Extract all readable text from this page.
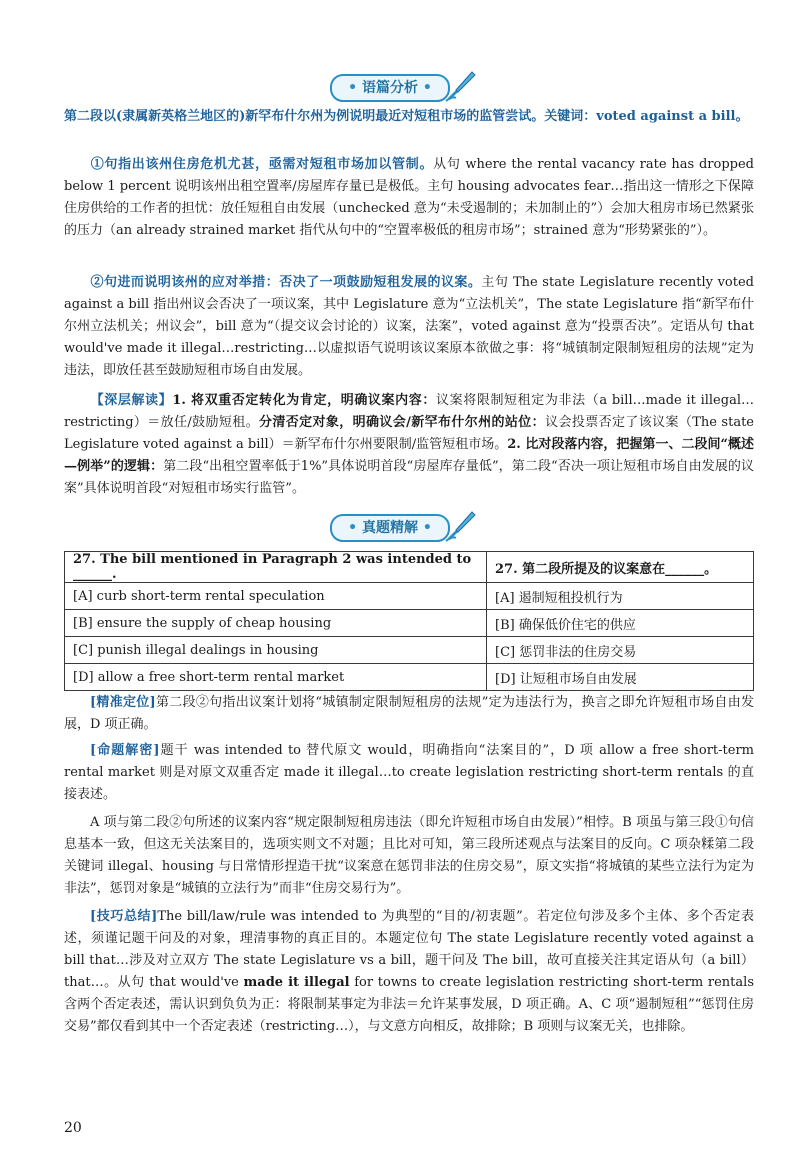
• 语篇分析 •

第二段以(隶属新英格兰地区的)新罕布什尔州为例说明最近对短租市场的监管尝试。关键词：voted against a bill。

①句指出该州住房危机尤甚，亟需对短租市场加以管制。从句 where the rental vacancy rate has dropped below 1 percent 说明该州出租空置率/房屋库存量已是极低。主句 housing advocates fear…指出这一情形之下保障住房供给的工作者的担忧：放任短租自由发展（unchecked 意为“未受遏制的；未加制止的”）会加大租房市场已然紧张的压力（an already strained market 指代从句中的“空置率极低的租房市场”；strained 意为“形势紧张的”）。

②句进而说明该州的应对举措：否决了一项鼓励短租发展的议案。主句 The state Legislature recently voted against a bill 指出州议会否决了一项议案，其中 Legislature 意为“立法机关”，The state Legislature 指“新罕布什尔州立法机关；州议会”，bill 意为“（提交议会讨论的）议案，法案”，voted against 意为“投票否决”。定语从句 that would've made it illegal…restricting…以虚拟语气说明该议案原本欲做之事：将“城镇制定限制短租房的法规”定为违法，即放任甚至鼓励短租市场自由发展。

【深层解读】1. 将双重否定转化为肯定，明确议案内容：议案将限制短租定为非法（a bill…made it illegal…restricting）＝放任/鼓励短租。分清否定对象，明确议会/新罕布什尔州的站位：议会投票否定了该议案（The state Legislature voted against a bill）＝新罕布什尔州要限制/监管短租市场。2. 比对段落内容，把握第一、二段间“概述—例举”的逻辑：第二段“出租空置率低于1%”具体说明首段“房屋库存量低”，第二段“否决一项让短租市场自由发展的议案”具体说明首段“对短租市场实行监管”。

• 真题精解 •
27. The bill mentioned in Paragraph 2 was intended to ______.	27. 第二段所提及的议案意在______。
[A] curb short-term rental speculation	[A] 遏制短租投机行为
[B] ensure the supply of cheap housing	[B] 确保低价住宅的供应
[C] punish illegal dealings in housing	[C] 惩罚非法的住房交易
[D] allow a free short-term rental market	[D] 让短租市场自由发展

[精准定位]第二段②句指出议案计划将“城镇制定限制短租房的法规”定为违法行为，换言之即允许短租市场自由发展，D 项正确。

[命题解密]题干 was intended to 替代原文 would，明确指向“法案目的”，D 项 allow a free short-term rental market 则是对原文双重否定 made it illegal…to create legislation restricting short-term rentals 的直接表述。

A 项与第二段②句所述的议案内容“规定限制短租房违法（即允许短租市场自由发展）”相悖。B 项虽与第三段①句信息基本一致，但这无关法案目的，选项实则文不对题；且比对可知，第三段所述观点与法案目的反向。C 项杂糅第二段关键词 illegal、housing 与日常情形捏造干扰“议案意在惩罚非法的住房交易”，原文实指“将城镇的某些立法行为定为非法”，惩罚对象是“城镇的立法行为”而非“住房交易行为”。

[技巧总结]The bill/law/rule was intended to 为典型的“目的/初衷题”。若定位句涉及多个主体、多个否定表述，须谨记题干问及的对象，理清事物的真正目的。本题定位句 The state Legislature recently voted against a bill that…涉及对立双方 The state Legislature vs a bill，题干问及 The bill，故可直接关注其定语从句（a bill）that…。从句 that would've made it illegal for towns to create legislation restricting short-term rentals 含两个否定表述，需认识到负负为正：将限制某事定为非法＝允许某事发展，D 项正确。A、C 项“遏制短租”“惩罚住房交易”都仅看到其中一个否定表述（restricting…），与文意方向相反，故排除；B 项则与议案无关，也排除。

20
